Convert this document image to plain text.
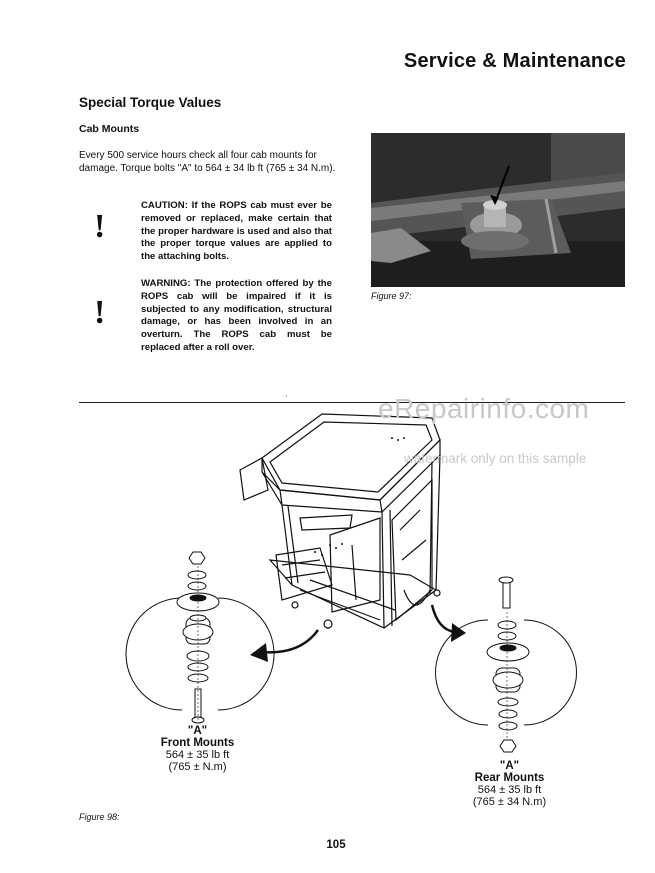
Service & Maintenance
Special Torque Values
Cab Mounts
Every 500 service hours check all four cab mounts for damage. Torque bolts "A" to 564 ± 34 lb ft (765 ± 34 N.m).
!
CAUTION: If the ROPS cab must ever be removed or replaced, make certain that the proper hardware is used and also that the proper torque values are applied to the attaching bolts.
!
WARNING: The protection offered by the ROPS cab will be impaired if it is subjected to any modification, structural damage, or has been involved in an overturn. The ROPS cab must be replaced after a roll over.
Figure 97:
'	eRepairinfo.com
watermark only on this sample
"A"
Front Mounts
564 ± 35 lb ft
(765 ± N.m)	"A"
Rear Mounts
564 ± 35 lb ft
(765 ± 34 N.m)
Figure 98:
105
